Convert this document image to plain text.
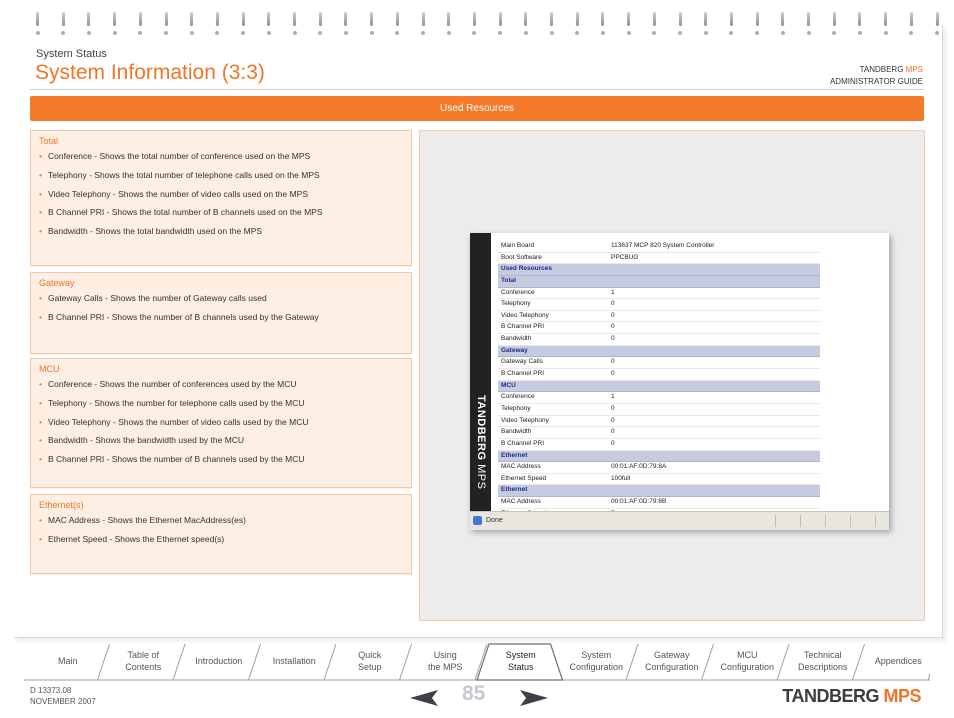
System Status
System Information (3:3)	TANDBERG MPS
ADMINISTRATOR GUIDE
Used Resources
Total
• Conference - Shows the total number of conference used on the MPS
• Telephony - Shows the total number of telephone calls used on the MPS
• Video Telephony - Shows the number of video calls used on the MPS
• B Channel PRI - Shows the total number of B channels used on the MPS
• Bandwidth - Shows the total bandwidth used on the MPS
Gateway
• Gateway Calls - Shows the number of Gateway calls used
• B Channel PRI - Shows the number of B channels used by the Gateway
MCU
• Conference - Shows the number of conferences used by the MCU
• Telephony - Shows the number for telephone calls used by the MCU
• Video Telephony - Shows the number of video calls used by the MCU
• Bandwidth - Shows the bandwidth used by the MCU
• B Channel PRI - Shows the number of B channels used by the MCU
Ethernet(s)
• MAC Address - Shows the Ethernet MacAddress(es)
• Ethernet Speed - Shows the Ethernet speed(s)
TANDBERG MPS
Main Board	113637 MCP 820 System Controller
Boot Software	PPCBUG
Used Resources
Total
Conference	1
Telephony	0
Video Telephony	0
B Channel PRI	0
Bandwidth	0
Gateway
Gateway Calls	0
B Channel PRI	0
MCU
Conference	1
Telephony	0
Video Telephony	0
Bandwidth	0
B Channel PRI	0
Ethernet
MAC Address	00:01:AF:0D:79:8A
Ethernet Speed	100full
Ethernet
MAC Address	00:01:AF:0D:79:8B
Done
Main
Table of
Contents
Introduction	Installation
Quick
Setup
Using
the MPS
System
Status
System
Configuration
Gateway
Configuration
MCU
Configuration
Technical
Descriptions
Appendices
D 13373.08
NOVEMBER 2007	85	TANDBERG MPS
